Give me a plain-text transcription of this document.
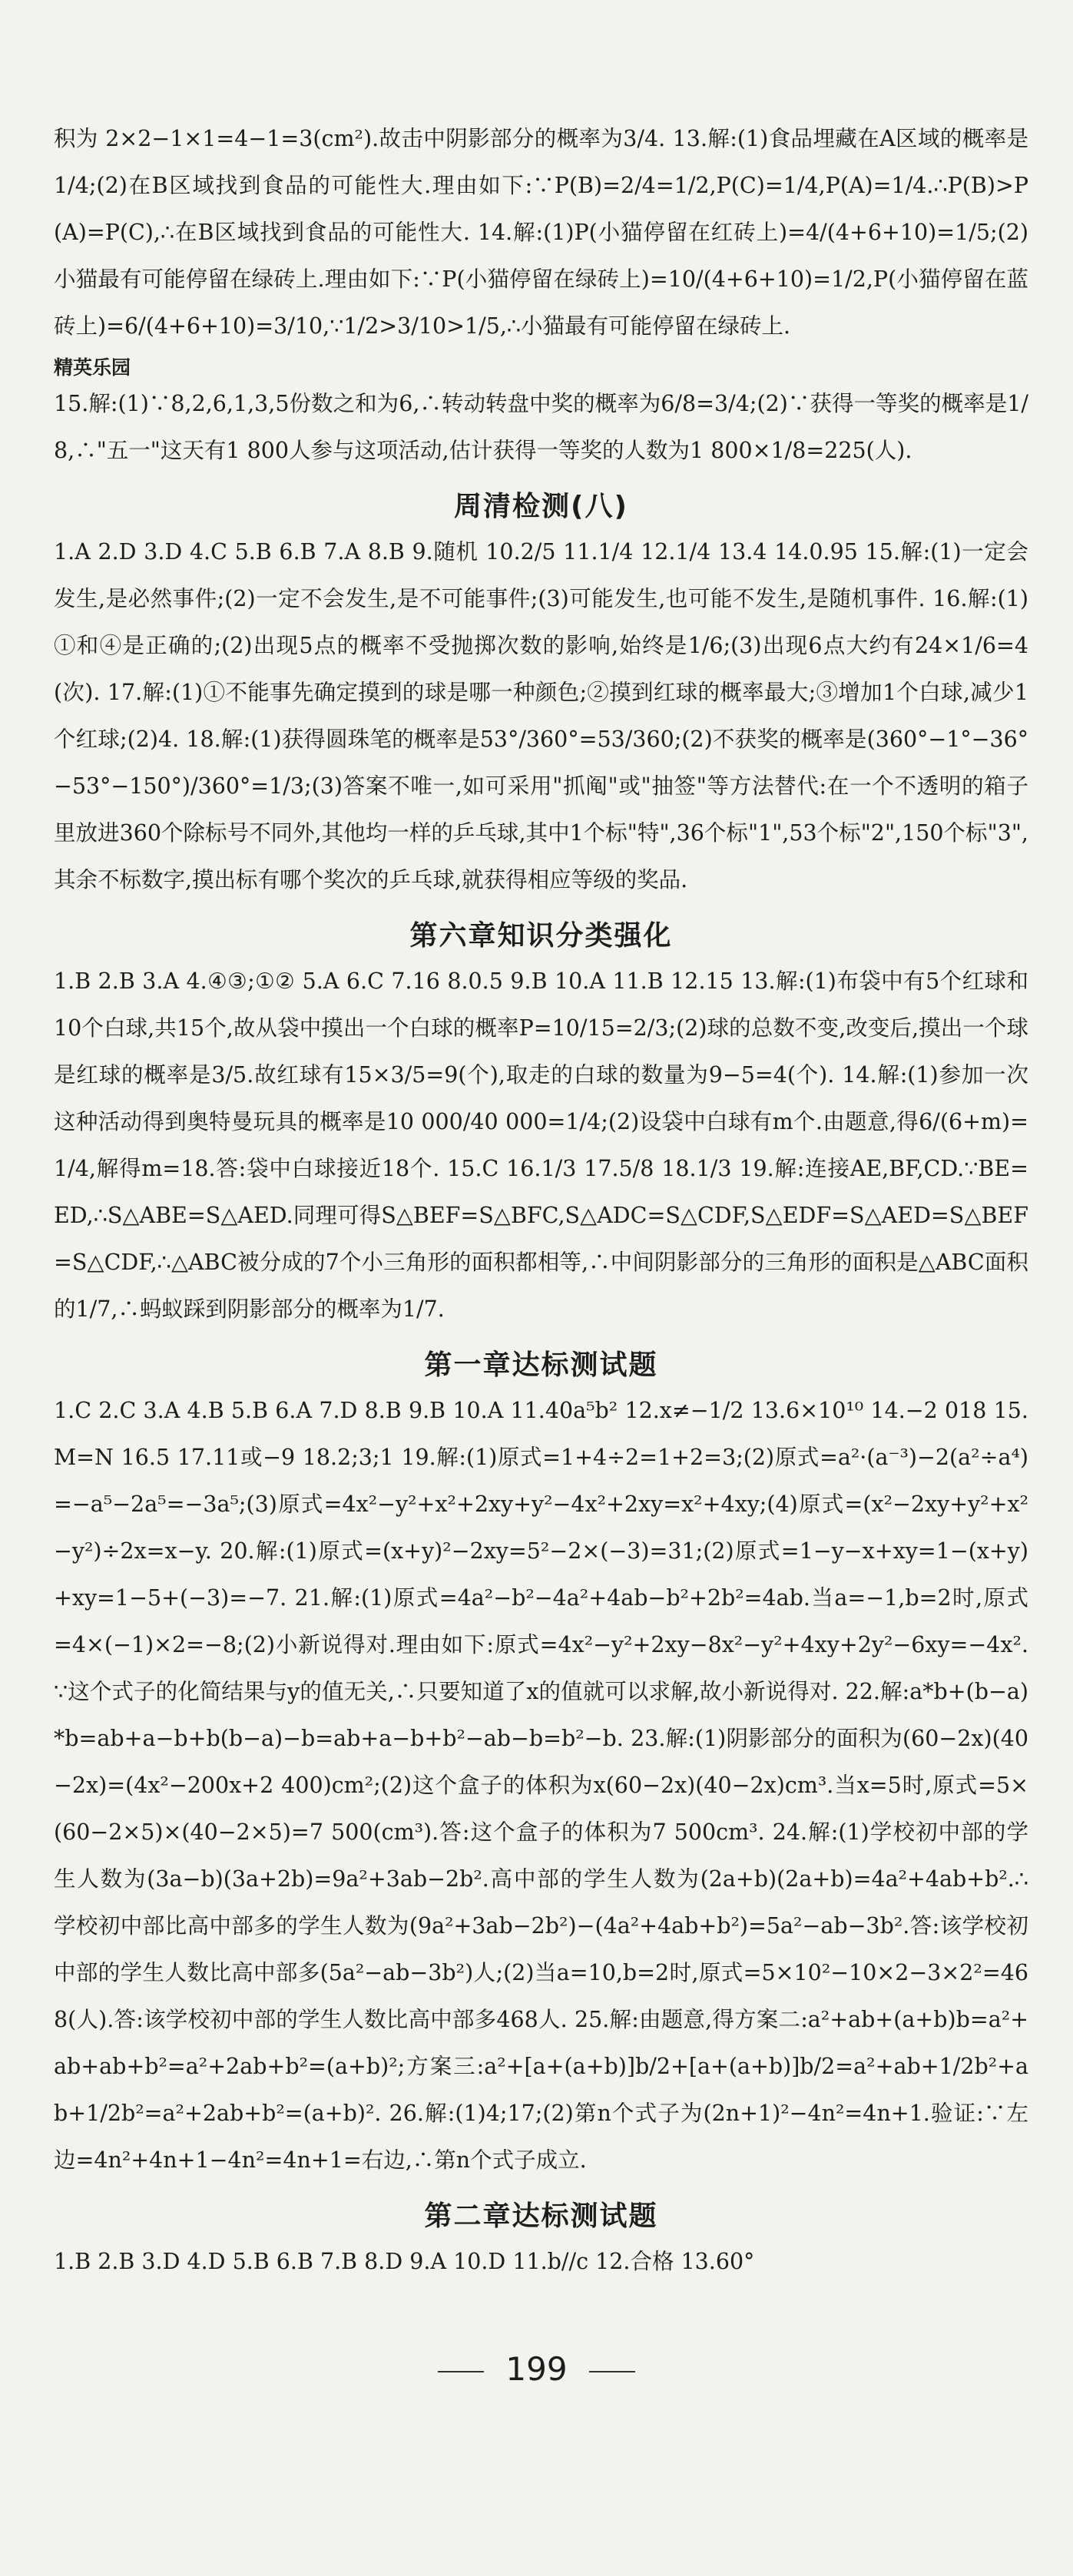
积为 2×2−1×1=4−1=3(cm²).故击中阴影部分的概率为3/4. 13.解:(1)食品埋藏在A区域的概率是1/4;(2)在B区域找到食品的可能性大.理由如下:∵P(B)=2/4=1/2,P(C)=1/4,P(A)=1/4.∴P(B)>P(A)=P(C),∴在B区域找到食品的可能性大. 14.解:(1)P(小猫停留在红砖上)=4/(4+6+10)=1/5;(2)小猫最有可能停留在绿砖上.理由如下:∵P(小猫停留在绿砖上)=10/(4+6+10)=1/2,P(小猫停留在蓝砖上)=6/(4+6+10)=3/10,∵1/2>3/10>1/5,∴小猫最有可能停留在绿砖上.

精英乐园

15.解:(1)∵8,2,6,1,3,5份数之和为6,∴转动转盘中奖的概率为6/8=3/4;(2)∵获得一等奖的概率是1/8,∴"五一"这天有1 800人参与这项活动,估计获得一等奖的人数为1 800×1/8=225(人).

周清检测(八)

1.A 2.D 3.D 4.C 5.B 6.B 7.A 8.B 9.随机 10.2/5 11.1/4 12.1/4 13.4 14.0.95 15.解:(1)一定会发生,是必然事件;(2)一定不会发生,是不可能事件;(3)可能发生,也可能不发生,是随机事件. 16.解:(1)①和④是正确的;(2)出现5点的概率不受抛掷次数的影响,始终是1/6;(3)出现6点大约有24×1/6=4(次). 17.解:(1)①不能事先确定摸到的球是哪一种颜色;②摸到红球的概率最大;③增加1个白球,减少1个红球;(2)4. 18.解:(1)获得圆珠笔的概率是53°/360°=53/360;(2)不获奖的概率是(360°−1°−36°−53°−150°)/360°=1/3;(3)答案不唯一,如可采用"抓阄"或"抽签"等方法替代:在一个不透明的箱子里放进360个除标号不同外,其他均一样的乒乓球,其中1个标"特",36个标"1",53个标"2",150个标"3",其余不标数字,摸出标有哪个奖次的乒乓球,就获得相应等级的奖品.

第六章知识分类强化

1.B 2.B 3.A 4.④③;①② 5.A 6.C 7.16 8.0.5 9.B 10.A 11.B 12.15 13.解:(1)布袋中有5个红球和10个白球,共15个,故从袋中摸出一个白球的概率P=10/15=2/3;(2)球的总数不变,改变后,摸出一个球是红球的概率是3/5.故红球有15×3/5=9(个),取走的白球的数量为9−5=4(个). 14.解:(1)参加一次这种活动得到奥特曼玩具的概率是10 000/40 000=1/4;(2)设袋中白球有m个.由题意,得6/(6+m)=1/4,解得m=18.答:袋中白球接近18个. 15.C 16.1/3 17.5/8 18.1/3 19.解:连接AE,BF,CD.∵BE=ED,∴S△ABE=S△AED.同理可得S△BEF=S△BFC,S△ADC=S△CDF,S△EDF=S△AED=S△BEF=S△CDF,∴△ABC被分成的7个小三角形的面积都相等,∴中间阴影部分的三角形的面积是△ABC面积的1/7,∴蚂蚁踩到阴影部分的概率为1/7.

第一章达标测试题

1.C 2.C 3.A 4.B 5.B 6.A 7.D 8.B 9.B 10.A 11.40a⁵b² 12.x≠−1/2 13.6×10¹⁰ 14.−2 018 15.M=N 16.5 17.11或−9 18.2;3;1 19.解:(1)原式=1+4÷2=1+2=3;(2)原式=a²·(a⁻³)−2(a²÷a⁴)=−a⁵−2a⁵=−3a⁵;(3)原式=4x²−y²+x²+2xy+y²−4x²+2xy=x²+4xy;(4)原式=(x²−2xy+y²+x²−y²)÷2x=x−y. 20.解:(1)原式=(x+y)²−2xy=5²−2×(−3)=31;(2)原式=1−y−x+xy=1−(x+y)+xy=1−5+(−3)=−7. 21.解:(1)原式=4a²−b²−4a²+4ab−b²+2b²=4ab.当a=−1,b=2时,原式=4×(−1)×2=−8;(2)小新说得对.理由如下:原式=4x²−y²+2xy−8x²−y²+4xy+2y²−6xy=−4x².∵这个式子的化简结果与y的值无关,∴只要知道了x的值就可以求解,故小新说得对. 22.解:a*b+(b−a)*b=ab+a−b+b(b−a)−b=ab+a−b+b²−ab−b=b²−b. 23.解:(1)阴影部分的面积为(60−2x)(40−2x)=(4x²−200x+2 400)cm²;(2)这个盒子的体积为x(60−2x)(40−2x)cm³.当x=5时,原式=5×(60−2×5)×(40−2×5)=7 500(cm³).答:这个盒子的体积为7 500cm³. 24.解:(1)学校初中部的学生人数为(3a−b)(3a+2b)=9a²+3ab−2b².高中部的学生人数为(2a+b)(2a+b)=4a²+4ab+b².∴学校初中部比高中部多的学生人数为(9a²+3ab−2b²)−(4a²+4ab+b²)=5a²−ab−3b².答:该学校初中部的学生人数比高中部多(5a²−ab−3b²)人;(2)当a=10,b=2时,原式=5×10²−10×2−3×2²=468(人).答:该学校初中部的学生人数比高中部多468人. 25.解:由题意,得方案二:a²+ab+(a+b)b=a²+ab+ab+b²=a²+2ab+b²=(a+b)²;方案三:a²+[a+(a+b)]b/2+[a+(a+b)]b/2=a²+ab+1/2b²+ab+1/2b²=a²+2ab+b²=(a+b)². 26.解:(1)4;17;(2)第n个式子为(2n+1)²−4n²=4n+1.验证:∵左边=4n²+4n+1−4n²=4n+1=右边,∴第n个式子成立.

第二章达标测试题

1.B 2.B 3.D 4.D 5.B 6.B 7.B 8.D 9.A 10.D 11.b//c 12.合格 13.60°

199
